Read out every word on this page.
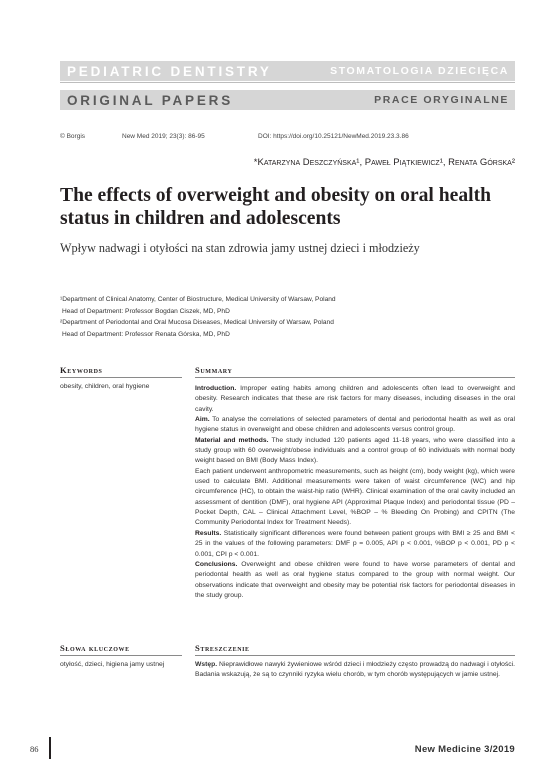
PEDIATRIC DENTISTRY	STOMATOLOGIA DZIECIĘCA
ORIGINAL PAPERS	PRACE ORYGINALNE
© Borgis	New Med 2019; 23(3): 86-95	DOI: https://doi.org/10.25121/NewMed.2019.23.3.86
*Katarzyna Deszczyńska¹, Paweł Piątkiewicz¹, Renata Górska²
The effects of overweight and obesity on oral health status in children and adolescents
Wpływ nadwagi i otyłości na stan zdrowia jamy ustnej dzieci i młodzieży
¹Department of Clinical Anatomy, Center of Biostructure, Medical University of Warsaw, Poland
Head of Department: Professor Bogdan Ciszek, MD, PhD
²Department of Periodontal and Oral Mucosa Diseases, Medical University of Warsaw, Poland
Head of Department: Professor Renata Górska, MD, PhD
Keywords
obesity, children, oral hygiene
Summary

Introduction. Improper eating habits among children and adolescents often lead to overweight and obesity. Research indicates that these are risk factors for many diseases, including diseases in the oral cavity.

Aim. To analyse the correlations of selected parameters of dental and periodontal health as well as oral hygiene status in overweight and obese children and adolescents versus control group.

Material and methods. The study included 120 patients aged 11-18 years, who were classified into a study group with 60 overweight/obese individuals and a control group of 60 individuals with normal body weight based on BMI (Body Mass Index).

Each patient underwent anthropometric measurements, such as height (cm), body weight (kg), which were used to calculate BMI. Additional measurements were taken of waist circumference (WC) and hip circumference (HC), to obtain the waist-hip ratio (WHR). Clinical examination of the oral cavity included an assessment of dentition (DMF), oral hygiene API (Approximal Plaque Index) and periodontal tissue (PD – Pocket Depth, CAL – Clinical Attachment Level, %BOP – % Bleeding On Probing) and CPITN (The Community Periodontal Index for Treatment Needs).

Results. Statistically significant differences were found between patient groups with BMI ≥ 25 and BMI < 25 in the values of the following parameters: DMF p = 0.005, API p < 0.001, %BOP p < 0.001, PD p < 0.001, CPI p < 0.001.

Conclusions. Overweight and obese children were found to have worse parameters of dental and periodontal health as well as oral hygiene status compared to the group with normal weight. Our observations indicate that overweight and obesity may be potential risk factors for periodontal diseases in the study group.

Słowa kluczowe
otyłość, dzieci, higiena jamy ustnej
Streszczenie

Wstęp. Nieprawidłowe nawyki żywieniowe wśród dzieci i młodzieży często prowadzą do nadwagi i otyłości. Badania wskazują, że są to czynniki ryzyka wielu chorób, w tym chorób występujących w jamie ustnej.

86	New Medicine 3/2019
